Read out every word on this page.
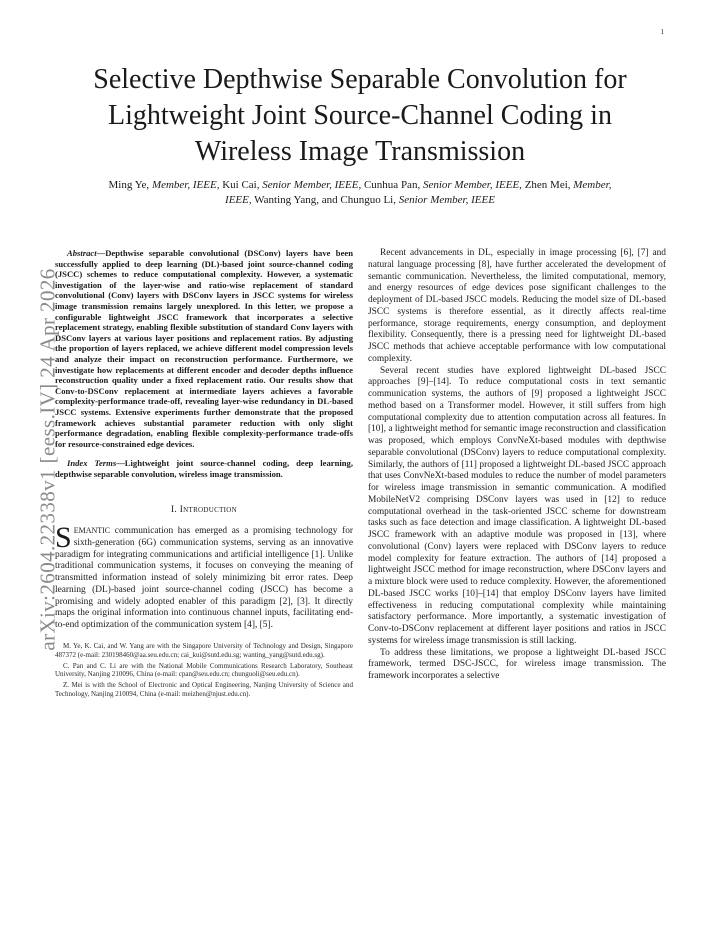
1
arXiv:2604.22338v1 [eess.IV] 24 Apr 2026
Selective Depthwise Separable Convolution for
Lightweight Joint Source-Channel Coding in
Wireless Image Transmission
Ming Ye, Member, IEEE, Kui Cai, Senior Member, IEEE, Cunhua Pan, Senior Member, IEEE, Zhen Mei, Member, IEEE, Wanting Yang, and Chunguo Li, Senior Member, IEEE

Abstract—Depthwise separable convolutional (DSConv) layers have been successfully applied to deep learning (DL)-based joint source-channel coding (JSCC) schemes to reduce computational complexity. However, a systematic investigation of the layer-wise and ratio-wise replacement of standard convolutional (Conv) layers with DSConv layers in JSCC systems for wireless image transmission remains largely unexplored. In this letter, we propose a configurable lightweight JSCC framework that incorporates a selective replacement strategy, enabling flexible substitution of standard Conv layers with DSConv layers at various layer positions and replacement ratios. By adjusting the proportion of layers replaced, we achieve different model compression levels and analyze their impact on reconstruction performance. Furthermore, we investigate how replacements at different encoder and decoder depths influence reconstruction quality under a fixed replacement ratio. Our results show that Conv-to-DSConv replacement at intermediate layers achieves a favorable complexity-performance trade-off, revealing layer-wise redundancy in DL-based JSCC systems. Extensive experiments further demonstrate that the proposed framework achieves substantial parameter reduction with only slight performance degradation, enabling flexible complexity-performance trade-offs for resource-constrained edge devices.

Index Terms—Lightweight joint source-channel coding, deep learning, depthwise separable convolution, wireless image transmission.

I. Introduction

SEMANTIC communication has emerged as a promising technology for sixth-generation (6G) communication systems, serving as an innovative paradigm for integrating communications and artificial intelligence [1]. Unlike traditional communication systems, it focuses on conveying the meaning of transmitted information instead of solely minimizing bit error rates. Deep learning (DL)-based joint source-channel coding (JSCC) has become a promising and widely adopted enabler of this paradigm [2], [3]. It directly maps the original information into continuous channel inputs, facilitating end-to-end optimization of the communication system [4], [5].

M. Ye, K. Cai, and W. Yang are with the Singapore University of Technology and Design, Singapore 487372 (e-mail: 230198460@aa.seu.edu.cn; cai_kui@sutd.edu.sg; wanting_yang@sutd.edu.sg).

C. Pan and C. Li are with the National Mobile Communications Research Laboratory, Southeast University, Nanjing 210096, China (e-mail: cpan@seu.edu.cn; chunguoli@seu.edu.cn).

Z. Mei is with the School of Electronic and Optical Engineering, Nanjing University of Science and Technology, Nanjing 210094, China (e-mail: meizhen@njust.edu.cn).

Recent advancements in DL, especially in image processing [6], [7] and natural language processing [8], have further accelerated the development of semantic communication. Nevertheless, the limited computational, memory, and energy resources of edge devices pose significant challenges to the deployment of DL-based JSCC models. Reducing the model size of DL-based JSCC systems is therefore essential, as it directly affects real-time performance, storage requirements, energy consumption, and deployment flexibility. Consequently, there is a pressing need for lightweight DL-based JSCC methods that achieve acceptable performance with low computational complexity.

Several recent studies have explored lightweight DL-based JSCC approaches [9]–[14]. To reduce computational costs in text semantic communication systems, the authors of [9] proposed a lightweight JSCC method based on a Transformer model. However, it still suffers from high computational complexity due to attention computation across all features. In [10], a lightweight method for semantic image reconstruction and classification was proposed, which employs ConvNeXt-based modules with depthwise separable convolutional (DSConv) layers to reduce computational complexity. Similarly, the authors of [11] proposed a lightweight DL-based JSCC approach that uses ConvNeXt-based modules to reduce the number of model parameters for wireless image transmission in semantic communication. A modified MobileNetV2 comprising DSConv layers was used in [12] to reduce computational overhead in the task-oriented JSCC scheme for downstream tasks such as face detection and image classification. A lightweight DL-based JSCC framework with an adaptive module was proposed in [13], where convolutional (Conv) layers were replaced with DSConv layers to reduce model complexity for feature extraction. The authors of [14] proposed a lightweight JSCC method for image reconstruction, where DSConv layers and a mixture block were used to reduce complexity. However, the aforementioned DL-based JSCC works [10]–[14] that employ DSConv layers have limited effectiveness in reducing computational complexity while maintaining satisfactory performance. More importantly, a systematic investigation of Conv-to-DSConv replacement at different layer positions and ratios in JSCC systems for wireless image transmission is still lacking.

To address these limitations, we propose a lightweight DL-based JSCC framework, termed DSC-JSCC, for wireless image transmission. The framework incorporates a selective
